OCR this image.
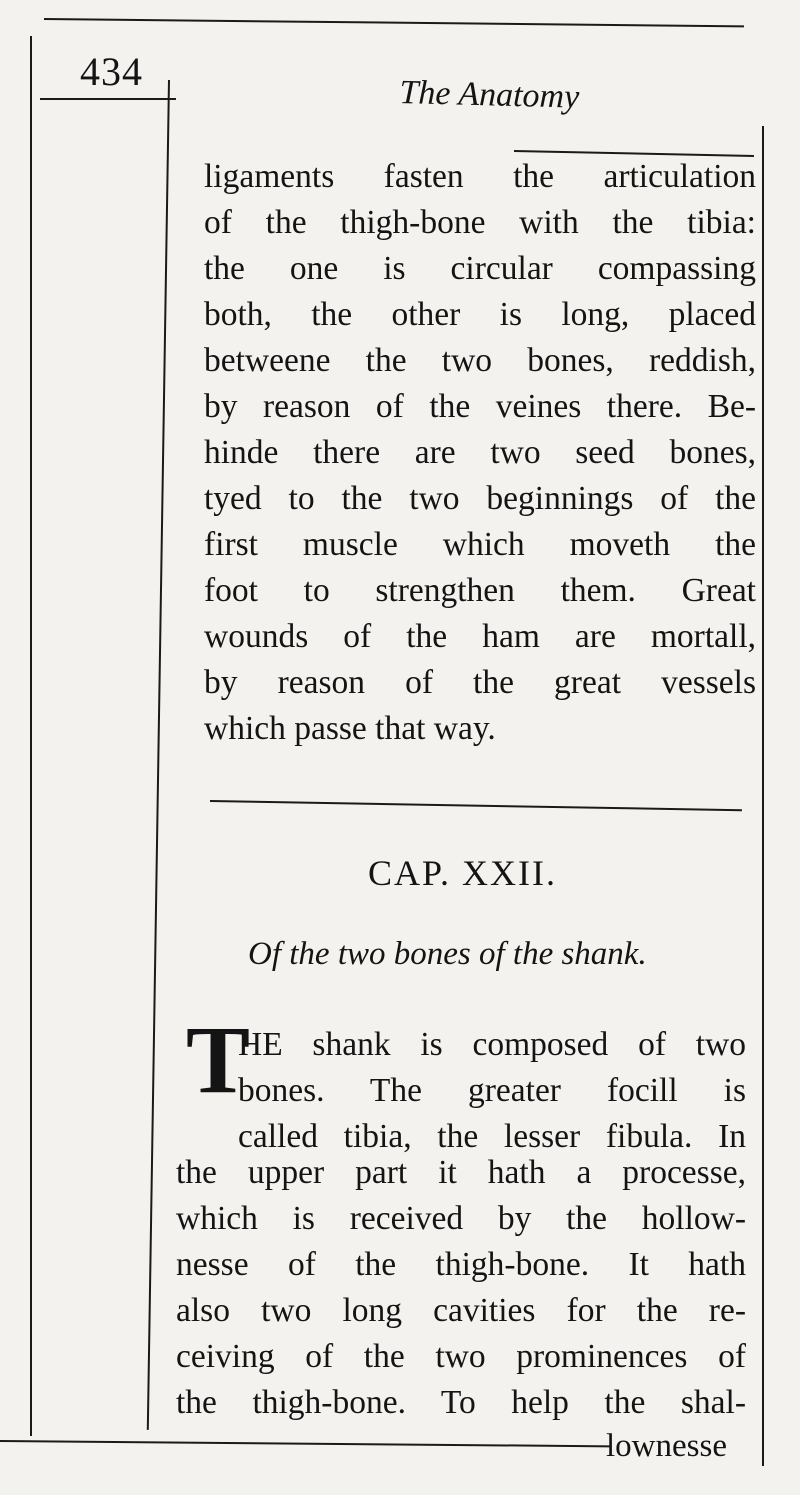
434
The Anatomy
ligaments fasten the articulation
of the thigh-bone with the tibia:
the one is circular compassing
both, the other is long, placed
betweene the two bones, reddish,
by reason of the veines there. Be-
hinde there are two seed bones,
tyed to the two beginnings of the
first muscle which moveth the
foot to strengthen them. Great
wounds of the ham are mortall,
by reason of the great vessels
which passe that way.
CAP. XXII.
Of the two bones of the shank.
T
HE shank is composed of two
bones. The greater focill is
called tibia, the lesser fibula. In
the upper part it hath a processe,
which is received by the hollow-
nesse of the thigh-bone. It hath
also two long cavities for the re-
ceiving of the two prominences of
the thigh-bone. To help the shal-
lownesse
